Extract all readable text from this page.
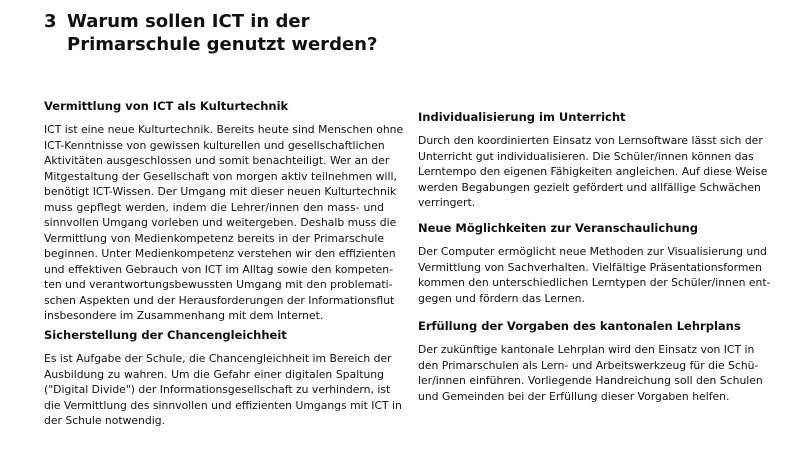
3 Warum sollen ICT in der
Primarschule genutzt werden?
Vermittlung von ICT als Kulturtechnik
ICT ist eine neue Kulturtechnik. Bereits heute sind Menschen ohne
ICT-Kenntnisse von gewissen kulturellen und gesellschaftlichen
Aktivitäten ausgeschlossen und somit benachteiligt. Wer an der
Mitgestaltung der Gesellschaft von morgen aktiv teilnehmen will,
benötigt ICT-Wissen. Der Umgang mit dieser neuen Kulturtechnik
muss gepflegt werden, indem die Lehrer/innen den mass- und
sinnvollen Umgang vorleben und weitergeben. Deshalb muss die
Vermittlung von Medienkompetenz bereits in der Primarschule
beginnen. Unter Medienkompetenz verstehen wir den effizienten
und effektiven Gebrauch von ICT im Alltag sowie den kompeten-
ten und verantwortungsbewussten Umgang mit den problemati-
schen Aspekten und der Herausforderungen der Informationsflut
insbesondere im Zusammenhang mit dem Internet.
Sicherstellung der Chancengleichheit
Es ist Aufgabe der Schule, die Chancengleichheit im Bereich der
Ausbildung zu wahren. Um die Gefahr einer digitalen Spaltung
("Digital Divide") der Informationsgesellschaft zu verhindern, ist
die Vermittlung des sinnvollen und effizienten Umgangs mit ICT in
der Schule notwendig.
Individualisierung im Unterricht
Durch den koordinierten Einsatz von Lernsoftware lässt sich der
Unterricht gut individualisieren. Die Schüler/innen können das
Lerntempo den eigenen Fähigkeiten angleichen. Auf diese Weise
werden Begabungen gezielt gefördert und allfällige Schwächen
verringert.
Neue Möglichkeiten zur Veranschaulichung
Der Computer ermöglicht neue Methoden zur Visualisierung und
Vermittlung von Sachverhalten. Vielfältige Präsentationsformen
kommen den unterschiedlichen Lerntypen der Schüler/innen ent-
gegen und fördern das Lernen.
Erfüllung der Vorgaben des kantonalen Lehrplans
Der zukünftige kantonale Lehrplan wird den Einsatz von ICT in
den Primarschulen als Lern- und Arbeitswerkzeug für die Schü-
ler/innen einführen. Vorliegende Handreichung soll den Schulen
und Gemeinden bei der Erfüllung dieser Vorgaben helfen.
